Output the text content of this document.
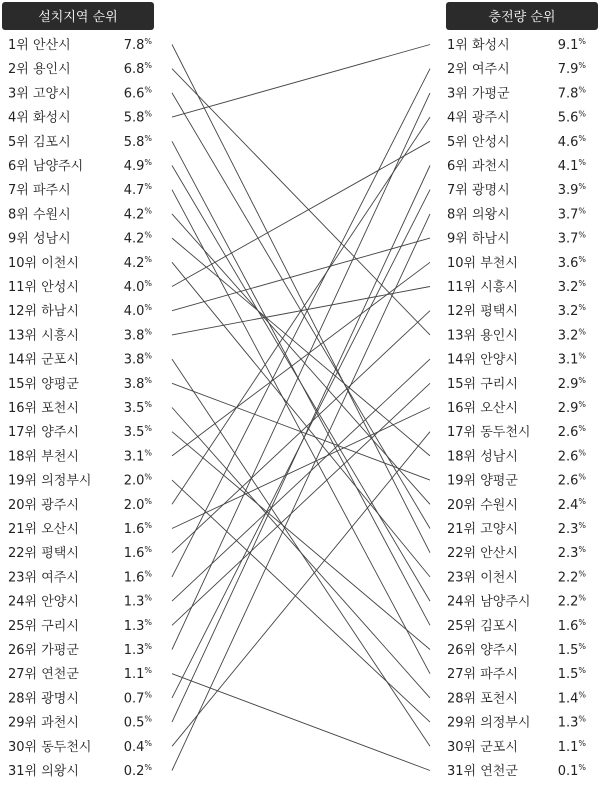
설치지역 순위	충전량 순위
1위 안산시	7.8%
2위 용인시	6.8%
3위 고양시	6.6%
4위 화성시	5.8%
5위 김포시	5.8%
6위 남양주시	4.9%
7위 파주시	4.7%
8위 수원시	4.2%
9위 성남시	4.2%
10위 이천시	4.2%
11위 안성시	4.0%
12위 하남시	4.0%
13위 시흥시	3.8%
14위 군포시	3.8%
15위 양평군	3.8%
16위 포천시	3.5%
17위 양주시	3.5%
18위 부천시	3.1%
19위 의정부시 2.0%
20위 광주시	2.0%
21위 오산시	1.6%
22위 평택시	1.6%
23위 여주시	1.6%
24위 안양시	1.3%
25위 구리시	1.3%
26위 가평군	1.3%
27위 연천군	1.1%
28위 광명시	0.7%
29위 과천시	0.5%
30위 동두천시 0.4%
31위 의왕시	0.2%
1위 화성시	9.1%
2위 여주시	7.9%
3위 가평군	7.8%
4위 광주시	5.6%
5위 안성시	4.6%
6위 과천시	4.1%
7위 광명시	3.9%
8위 의왕시	3.7%
9위 하남시	3.7%
10위 부천시	3.6%
11위 시흥시	3.2%
12위 평택시	3.2%
13위 용인시	3.2%
14위 안양시	3.1%
15위 구리시	2.9%
16위 오산시	2.9%
17위 동두천시 2.6%
18위 성남시	2.6%
19위 양평군	2.6%
20위 수원시	2.4%
21위 고양시	2.3%
22위 안산시	2.3%
23위 이천시	2.2%
24위 남양주시 2.2%
25위 김포시	1.6%
26위 양주시	1.5%
27위 파주시	1.5%
28위 포천시	1.4%
29위 의정부시 1.3%
30위 군포시	1.1%
31위 연천군	0.1%
